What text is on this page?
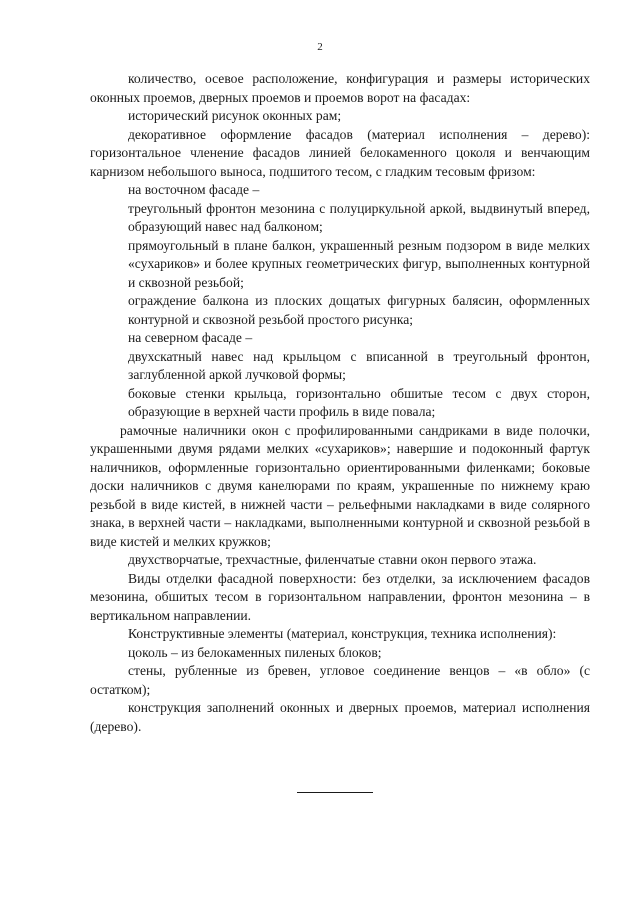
2

количество, осевое расположение, конфигурация и размеры исторических оконных проемов, дверных проемов и проемов ворот на фасадах:

исторический рисунок оконных рам;

декоративное оформление фасадов (материал исполнения – дерево): горизонтальное членение фасадов линией белокаменного цоколя и венчающим карнизом небольшого выноса, подшитого тесом, с гладким тесовым фризом:

на восточном фасаде –

треугольный фронтон мезонина с полуциркульной аркой, выдвинутый вперед, образующий навес над балконом;

прямоугольный в плане балкон, украшенный резным подзором в виде мелких «сухариков» и более крупных геометрических фигур, выполненных контурной и сквозной резьбой;

ограждение балкона из плоских дощатых фигурных балясин, оформленных контурной и сквозной резьбой простого рисунка;

на северном фасаде –

двухскатный навес над крыльцом с вписанной в треугольный фронтон, заглубленной аркой лучковой формы;

боковые стенки крыльца, горизонтально обшитые тесом с двух сторон, образующие в верхней части профиль в виде повала;

рамочные наличники окон с профилированными сандриками в виде полочки, украшенными двумя рядами мелких «сухариков»; навершие и подоконный фартук наличников, оформленные горизонтально ориентированными филенками; боковые доски наличников с двумя канелюрами по краям, украшенные по нижнему краю резьбой в виде кистей, в нижней части – рельефными накладками в виде солярного знака, в верхней части – накладками, выполненными контурной и сквозной резьбой в виде кистей и мелких кружков;

двухстворчатые, трехчастные, филенчатые ставни окон первого этажа.

Виды отделки фасадной поверхности: без отделки, за исключением фасадов мезонина, обшитых тесом в горизонтальном направлении, фронтон мезонина – в вертикальном направлении.

Конструктивные элементы (материал, конструкция, техника исполнения):

цоколь – из белокаменных пиленых блоков;

стены, рубленные из бревен, угловое соединение венцов – «в обло» (с остатком);

конструкция заполнений оконных и дверных проемов, материал исполнения (дерево).
